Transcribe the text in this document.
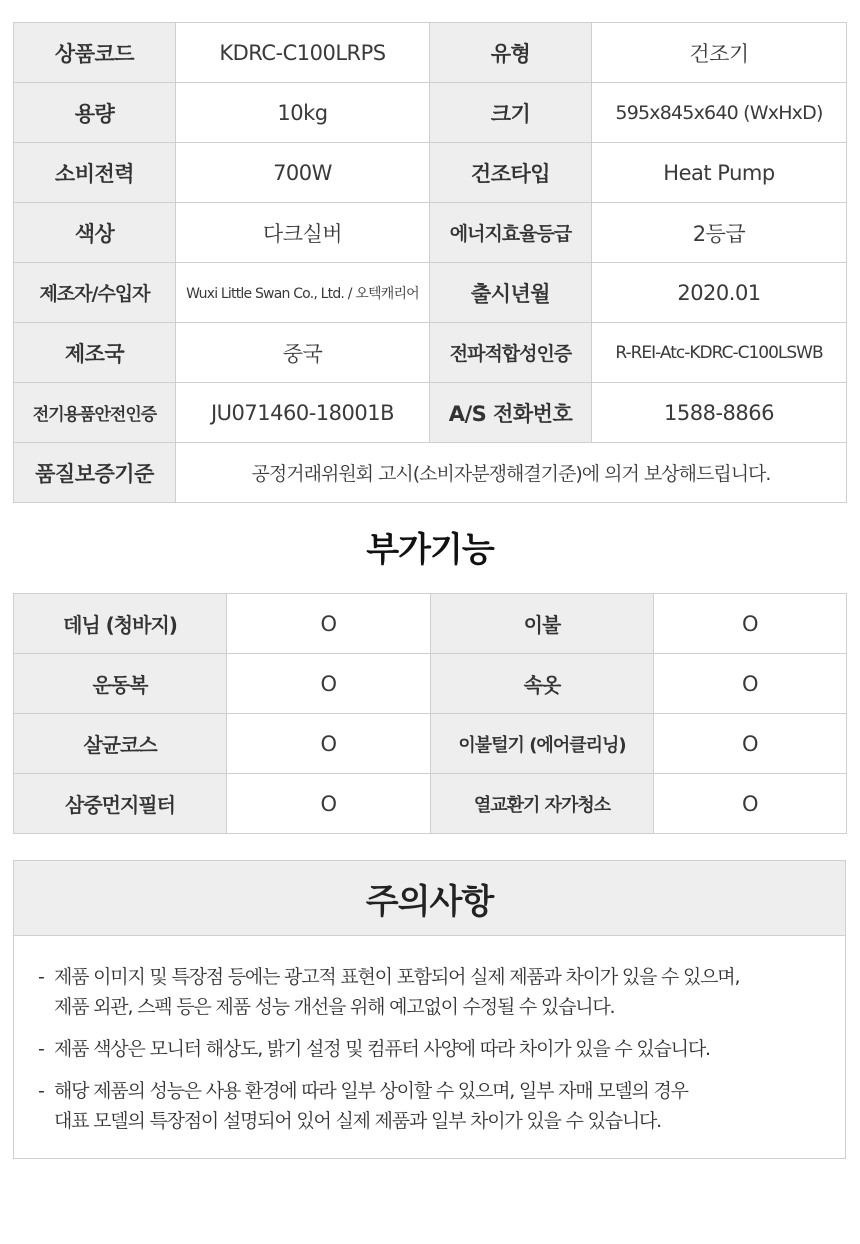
상품코드	KDRC-C100LRPS	유형	건조기
용량	10kg	크기	595x845x640 (WxHxD)
소비전력	700W	건조타입	Heat Pump
색상	다크실버	에너지효율등급	2등급
제조자/수입자	Wuxi Little Swan Co., Ltd. / 오텍캐리어	출시년월	2020.01
제조국	중국	전파적합성인증	R-REI-Atc-KDRC-C100LSWB
전기용품안전인증	JU071460-18001B	A/S 전화번호	1588-8866
품질보증기준	공정거래위원회 고시(소비자분쟁해결기준)에 의거 보상해드립니다.		
부가기능
데님 (청바지)	O	이불	O
운동복	O	속옷	O
살균코스	O	이불털기 (에어클리닝)	O
삼중먼지필터	O	열교환기 자가청소	O
주의사항
- 제품 이미지 및 특장점 등에는 광고적 표현이 포함되어 실제 제품과 차이가 있을 수 있으며,
제품 외관, 스펙 등은 제품 성능 개선을 위해 예고없이 수정될 수 있습니다.
- 제품 색상은 모니터 해상도, 밝기 설정 및 컴퓨터 사양에 따라 차이가 있을 수 있습니다.
- 해당 제품의 성능은 사용 환경에 따라 일부 상이할 수 있으며, 일부 자매 모델의 경우
대표 모델의 특장점이 설명되어 있어 실제 제품과 일부 차이가 있을 수 있습니다.
